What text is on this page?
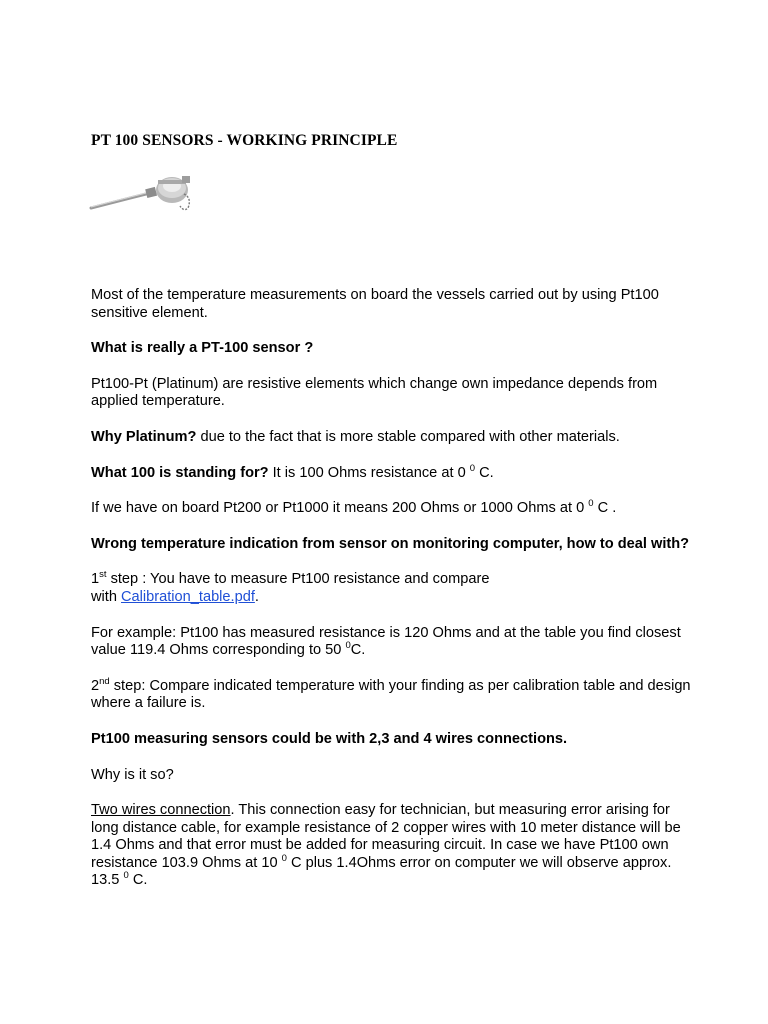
PT 100 SENSORS - WORKING PRINCIPLE

Most of the temperature measurements on board the vessels carried out by using Pt100 sensitive element.

What is really a PT-100 sensor ?

Pt100-Pt (Platinum) are resistive elements which change own impedance depends from applied temperature.

Why Platinum? due to the fact that is more stable compared with other materials.

What 100 is standing for? It is 100 Ohms resistance at 0 $^0$ C.

If we have on board Pt200 or Pt1000 it means 200 Ohms or 1000 Ohms at 0 $^0$ C .

Wrong temperature indication from sensor on monitoring computer, how to deal with?

1st step : You have to measure Pt100 resistance and compare
with Calibration_table.pdf.

For example: Pt100 has measured resistance is 120 Ohms and at the table you find closest value 119.4 Ohms corresponding to 50 $^0$C.

2nd step: Compare indicated temperature with your finding as per calibration table and design where a failure is.

Pt100 measuring sensors could be with 2,3 and 4 wires connections.

Why is it so?

Two wires connection. This connection easy for technician, but measuring error arising for long distance cable, for example resistance of 2 copper wires with 10 meter distance will be 1.4 Ohms and that error must be added for measuring circuit. In case we have Pt100 own resistance 103.9 Ohms at 10 $^0$ C plus 1.4Ohms error on computer we will observe approx. 13.5 $^0$ C.
